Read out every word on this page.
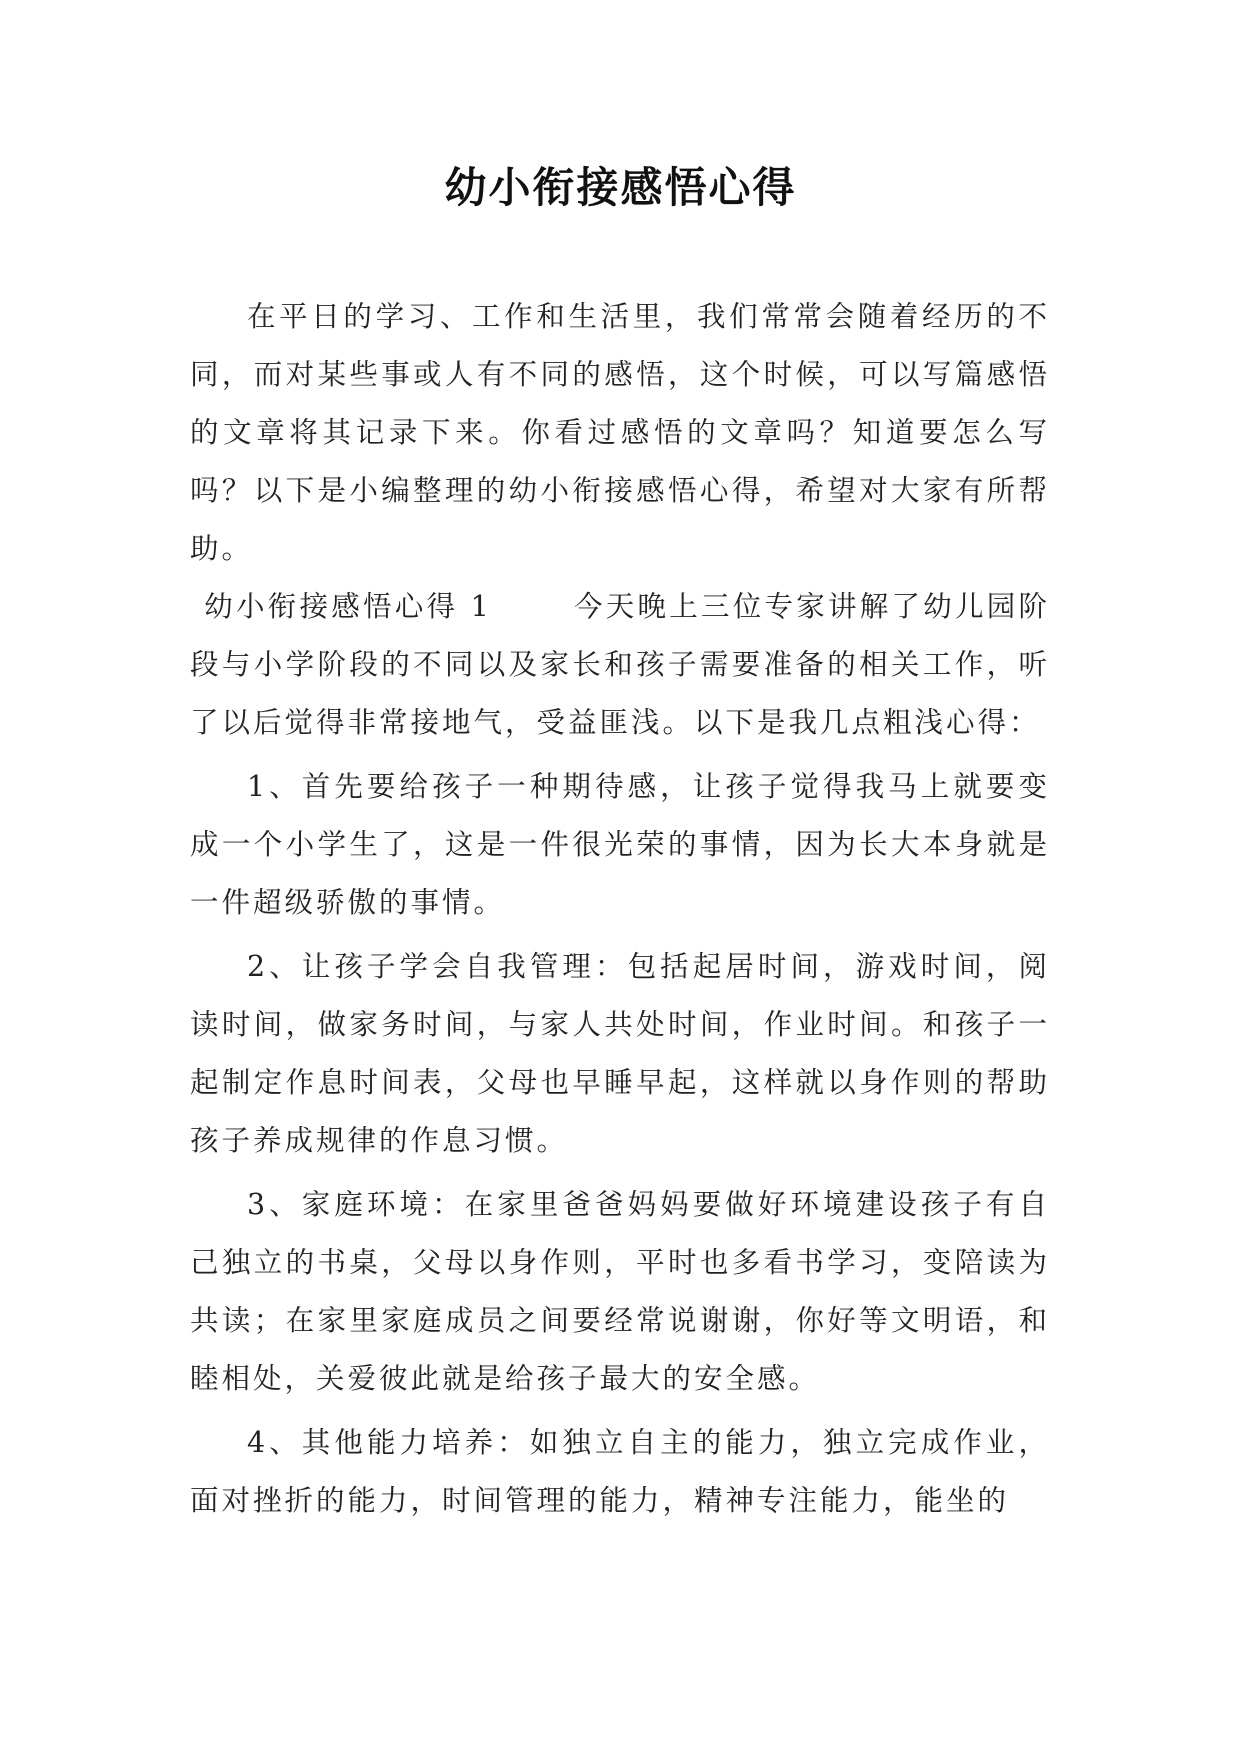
幼小衔接感悟心得

在平日的学习、工作和生活里，我们常常会随着经历的不同，而对某些事或人有不同的感悟，这个时候，可以写篇感悟的文章将其记录下来。你看过感悟的文章吗？知道要怎么写吗？以下是小编整理的幼小衔接感悟心得，希望对大家有所帮助。

幼小衔接感悟心得 1	今天晚上三位专家讲解了幼儿园阶段与小学阶段的不同以及家长和孩子需要准备的相关工作，听了以后觉得非常接地气，受益匪浅。以下是我几点粗浅心得：

1、首先要给孩子一种期待感，让孩子觉得我马上就要变成一个小学生了，这是一件很光荣的事情，因为长大本身就是一件超级骄傲的事情。

2、让孩子学会自我管理：包括起居时间，游戏时间，阅读时间，做家务时间，与家人共处时间，作业时间。和孩子一起制定作息时间表，父母也早睡早起，这样就以身作则的帮助孩子养成规律的作息习惯。

3、家庭环境：在家里爸爸妈妈要做好环境建设孩子有自己独立的书桌，父母以身作则，平时也多看书学习，变陪读为共读；在家里家庭成员之间要经常说谢谢，你好等文明语，和睦相处，关爱彼此就是给孩子最大的安全感。

4、其他能力培养：如独立自主的能力，独立完成作业，面对挫折的能力，时间管理的能力，精神专注能力，能坐的
